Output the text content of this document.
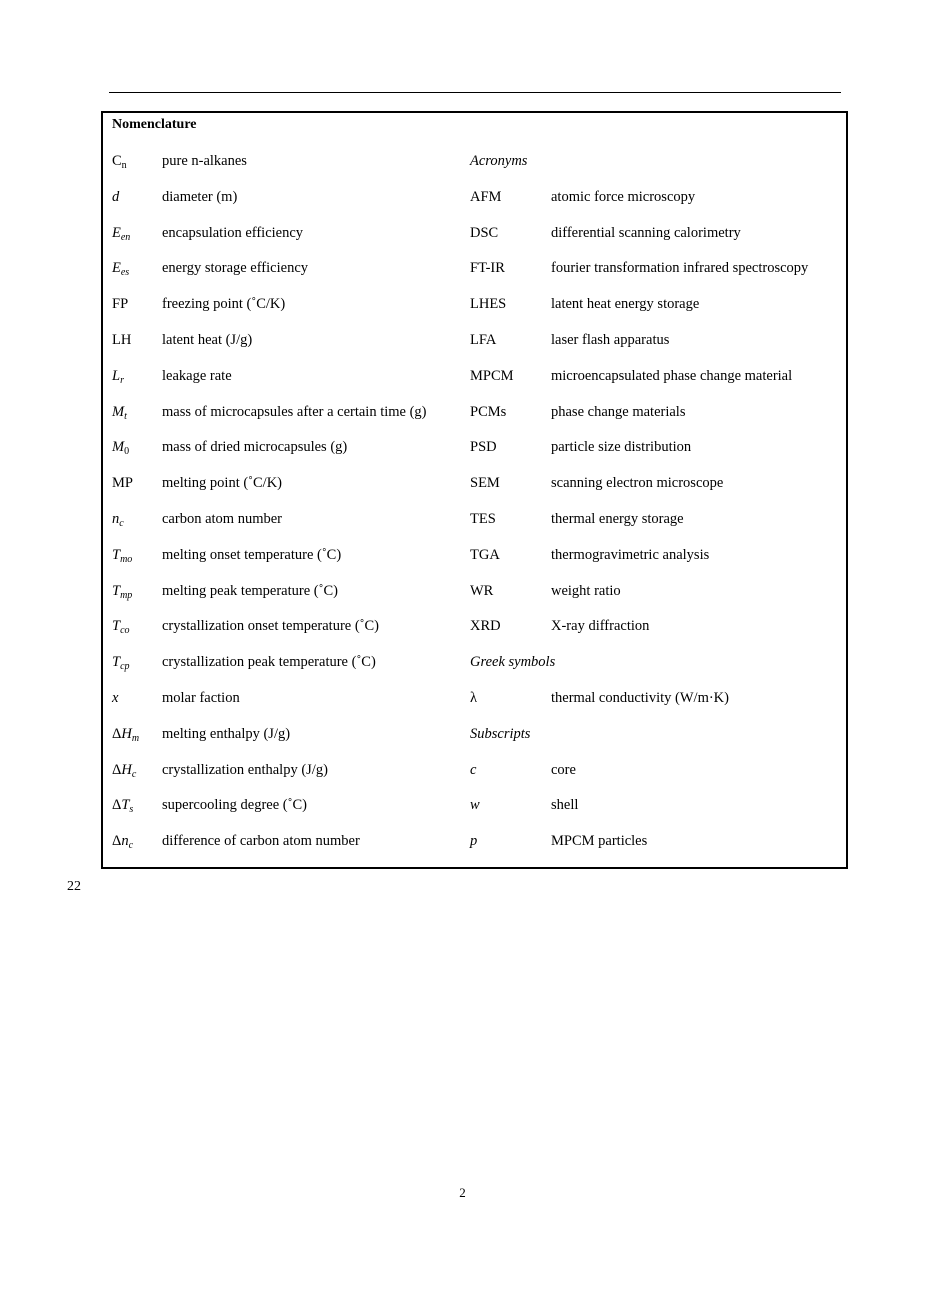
Nomenclature
$C_n$ pure n-alkanes	Acronyms
d	diameter (m)	AFM	atomic force microscopy
$E_{en}$ encapsulation efficiency	DSC	differential scanning calorimetry
$E_{es}$ energy storage efficiency	FT-IR	fourier transformation infrared spectroscopy
FP freezing point (˚C/K)	LHES	latent heat energy storage
LH latent heat (J/g)	LFA	laser flash apparatus
$L_r$	leakage rate	MPCM	microencapsulated phase change material
$M_t$ mass of microcapsules after a certain time (g)	PCMs	phase change materials
$M_0$ mass of dried microcapsules (g)	PSD	particle size distribution
MP melting point (˚C/K)	SEM	scanning electron microscope
$n_c$	carbon atom number	TES	thermal energy storage
$T_{mo}$ melting onset temperature (˚C)	TGA	thermogravimetric analysis
$T_{mp}$ melting peak temperature (˚C)	WR	weight ratio
$T_{co}$ crystallization onset temperature (˚C)	XRD	X-ray diffraction
$T_{cp}$ crystallization peak temperature (˚C)	Greek symbols
x	molar faction	λ	thermal conductivity (W/m·K)
$\Delta H_m$ melting enthalpy (J/g)	Subscripts
$\Delta H_c$ crystallization enthalpy (J/g)	c	core
$\Delta T_s$ supercooling degree (˚C)	w	shell
$\Delta n_c$ difference of carbon atom number	p	MPCM particles
22
2
